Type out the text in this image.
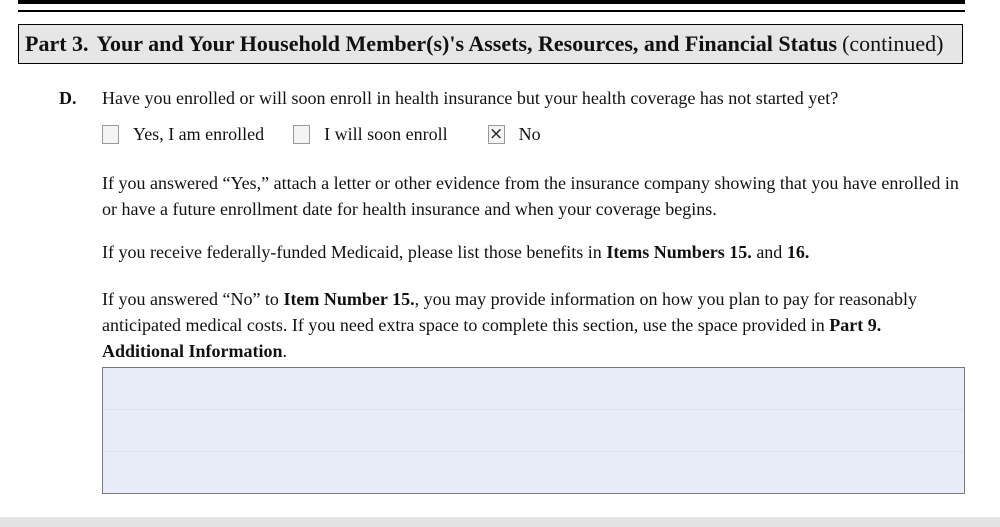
Part 3. Your and Your Household Member(s)'s Assets, Resources, and Financial Status (continued)
D. Have you enrolled or will soon enroll in health insurance but your health coverage has not started yet?
Yes, I am enrolled	I will soon enroll × No
If you answered “Yes,” attach a letter or other evidence from the insurance company showing that you have enrolled in or have a future enrollment date for health insurance and when your coverage begins.
If you receive federally-funded Medicaid, please list those benefits in Items Numbers 15. and 16.
If you answered “No” to Item Number 15., you may provide information on how you plan to pay for reasonably anticipated medical costs. If you need extra space to complete this section, use the space provided in Part 9. Additional Information.
